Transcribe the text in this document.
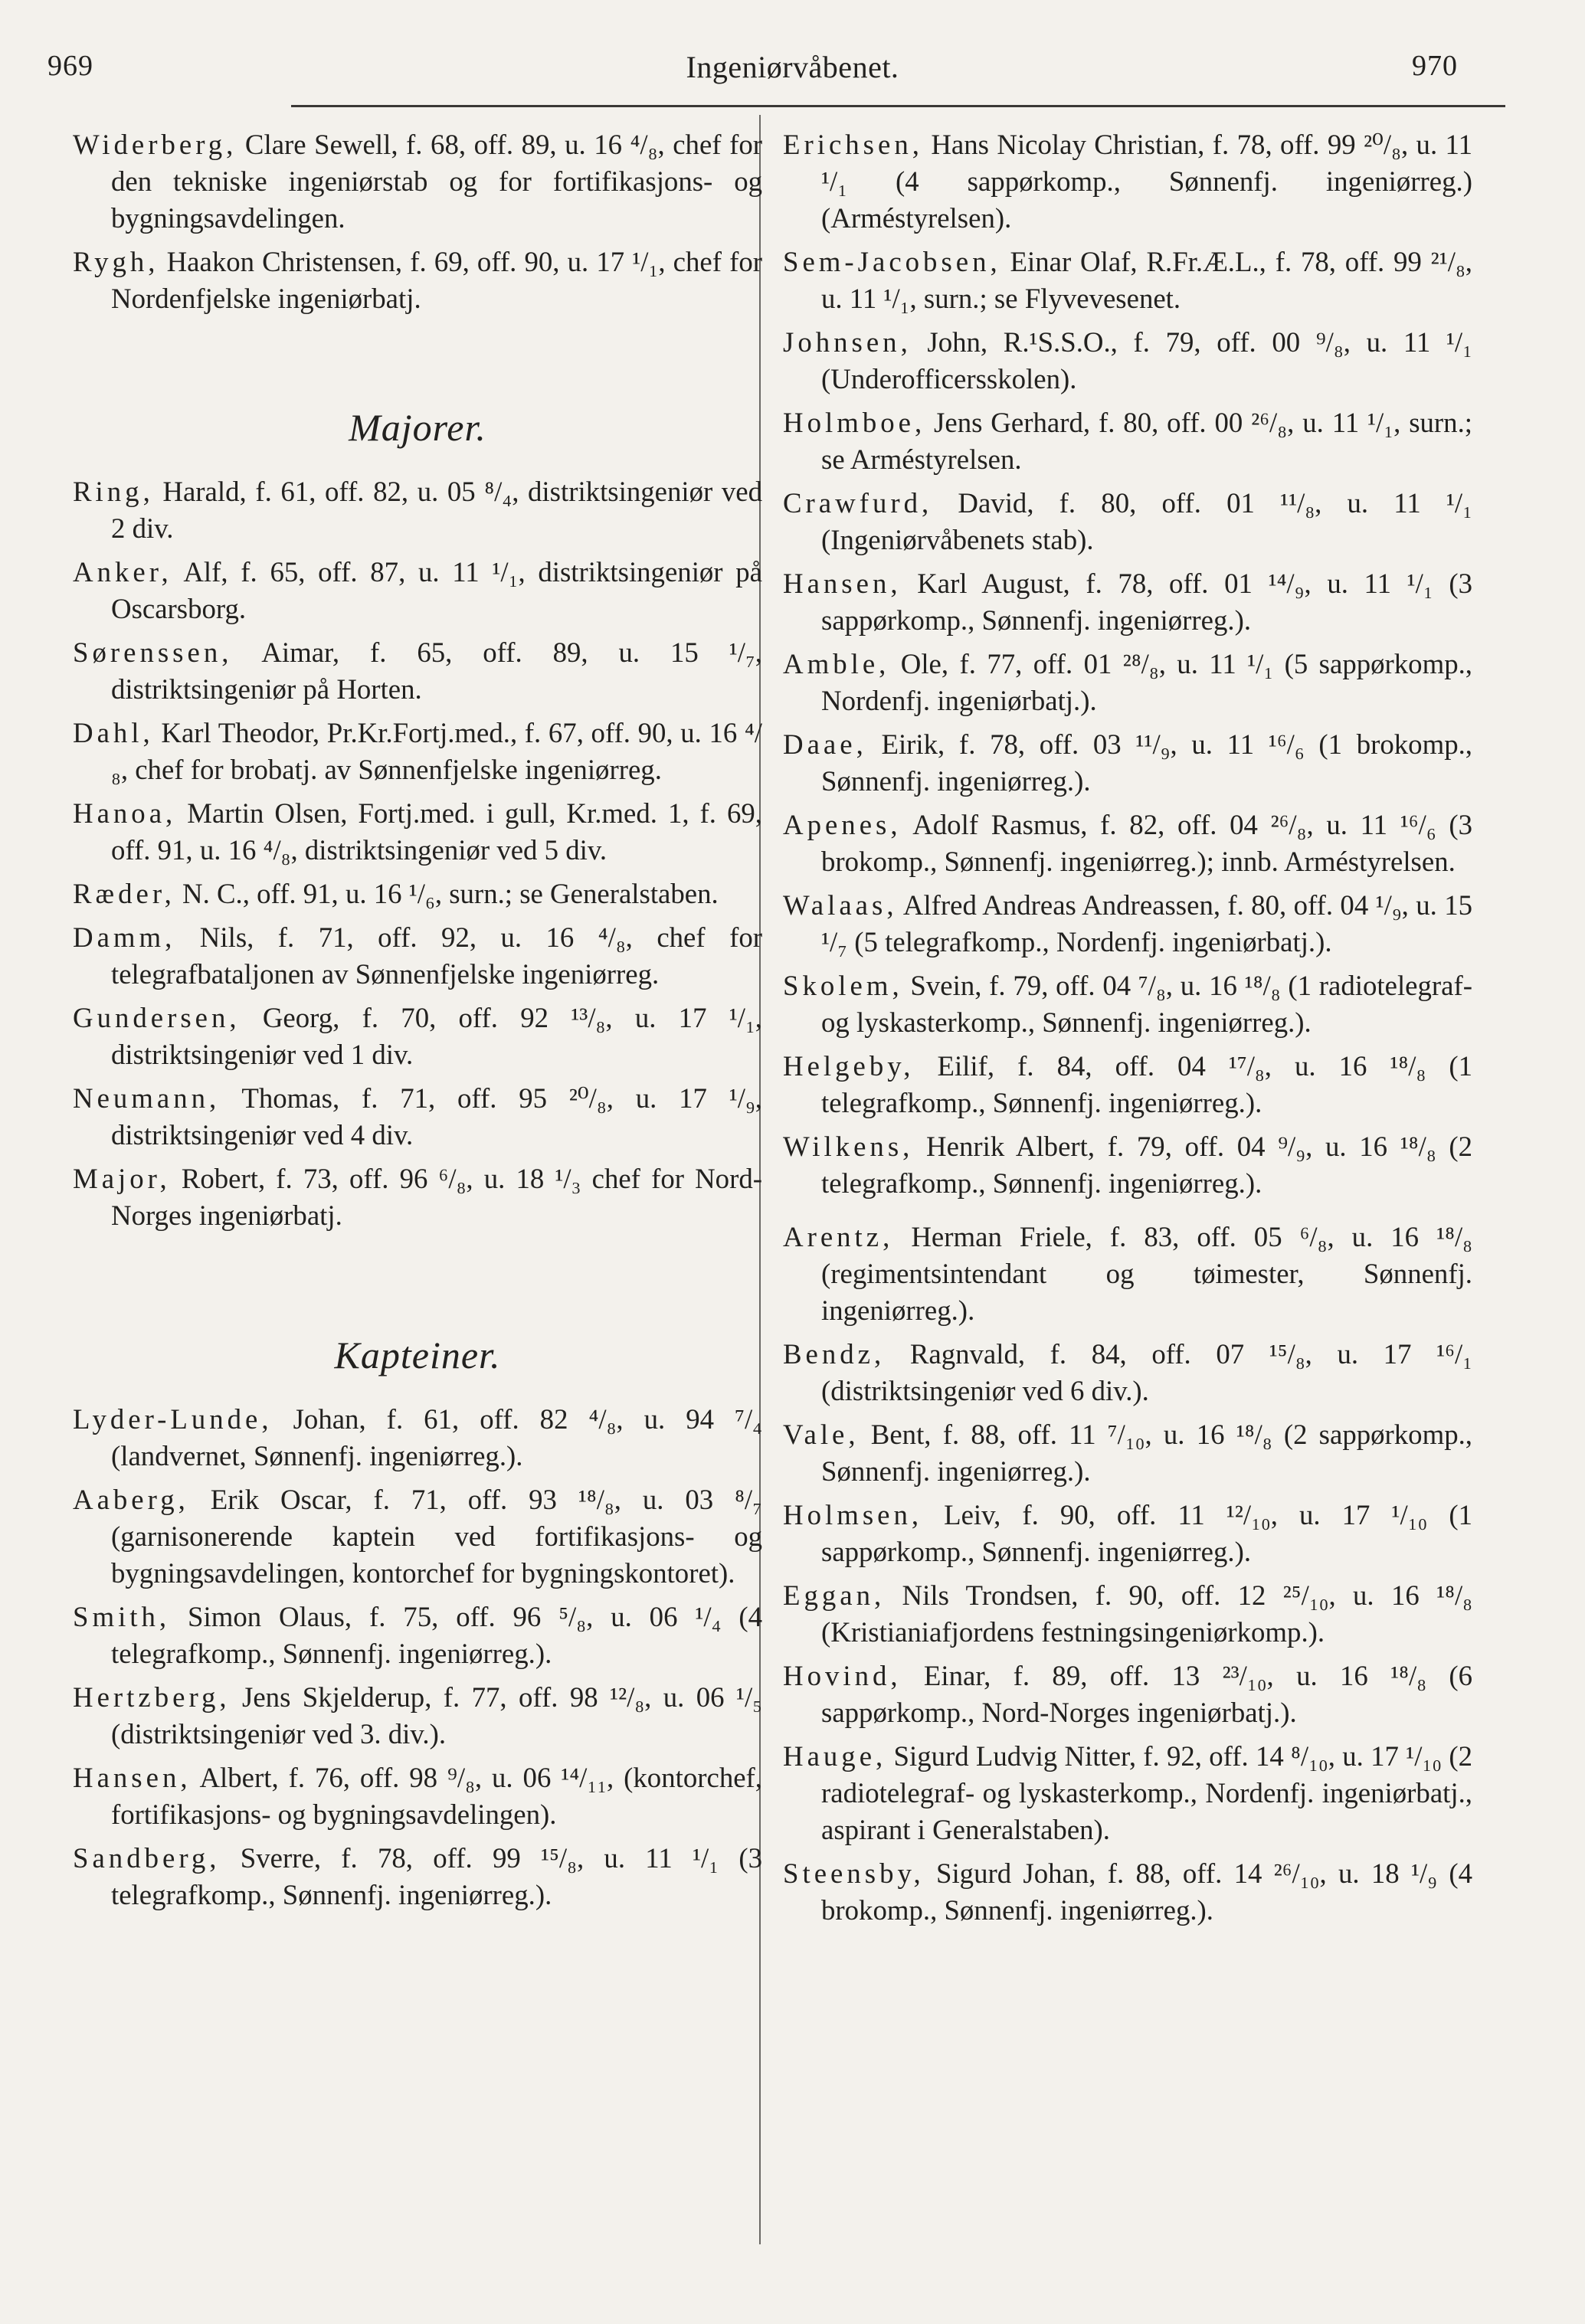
969	Ingeniørvåbenet.	970

Widerberg, Clare Sewell, f. 68, off. 89, u. 16 ⁴/₈, chef for den tekniske ingeniørstab og for fortifikasjons- og bygningsavdelingen.

Rygh, Haakon Christensen, f. 69, off. 90, u. 17 ¹/₁, chef for Nordenfjelske ingeniørbatj.

Majorer.

Ring, Harald, f. 61, off. 82, u. 05 ⁸/₄, distriktsingeniør ved 2 div.

Anker, Alf, f. 65, off. 87, u. 11 ¹/₁, distriktsingeniør på Oscarsborg.

Sørenssen, Aimar, f. 65, off. 89, u. 15 ¹/₇, distriktsingeniør på Horten.

Dahl, Karl Theodor, Pr.Kr.Fortj.med., f. 67, off. 90, u. 16 ⁴/₈, chef for brobatj. av Sønnenfjelske ingeniørreg.

Hanoa, Martin Olsen, Fortj.med. i gull, Kr.med. 1, f. 69, off. 91, u. 16 ⁴/₈, distriktsingeniør ved 5 div.

Ræder, N. C., off. 91, u. 16 ¹/₆, surn.; se Generalstaben.

Damm, Nils, f. 71, off. 92, u. 16 ⁴/₈, chef for telegrafbataljonen av Sønnenfjelske ingeniørreg.

Gundersen, Georg, f. 70, off. 92 ¹³/₈, u. 17 ¹/₁, distriktsingeniør ved 1 div.

Neumann, Thomas, f. 71, off. 95 ²⁰/₈, u. 17 ¹/₉, distriktsingeniør ved 4 div.

Major, Robert, f. 73, off. 96 ⁶/₈, u. 18 ¹/₃ chef for Nord-Norges ingeniørbatj.

Kapteiner.

Lyder-Lunde, Johan, f. 61, off. 82 ⁴/₈, u. 94 ⁷/₄ (landvernet, Sønnenfj. ingeniørreg.).

Aaberg, Erik Oscar, f. 71, off. 93 ¹⁸/₈, u. 03 ⁸/₇ (garnisonerende kaptein ved fortifikasjons- og bygningsavdelingen, kontorchef for bygningskontoret).

Smith, Simon Olaus, f. 75, off. 96 ⁵/₈, u. 06 ¹/₄ (4 telegrafkomp., Sønnenfj. ingeniørreg.).

Hertzberg, Jens Skjelderup, f. 77, off. 98 ¹²/₈, u. 06 ¹/₅ (distriktsingeniør ved 3. div.).

Hansen, Albert, f. 76, off. 98 ⁹/₈, u. 06 ¹⁴/₁₁, (kontorchef, fortifikasjons- og bygningsavdelingen).

Sandberg, Sverre, f. 78, off. 99 ¹⁵/₈, u. 11 ¹/₁ (3 telegrafkomp., Sønnenfj. ingeniørreg.).

Erichsen, Hans Nicolay Christian, f. 78, off. 99 ²⁰/₈, u. 11 ¹/₁ (4 sappørkomp., Sønnenfj. ingeniørreg.) (Arméstyrelsen).

Sem-Jacobsen, Einar Olaf, R.Fr.Æ.L., f. 78, off. 99 ²¹/₈, u. 11 ¹/₁, surn.; se Flyvevesenet.

Johnsen, John, R.¹S.S.O., f. 79, off. 00 ⁹/₈, u. 11 ¹/₁ (Underofficersskolen).

Holmboe, Jens Gerhard, f. 80, off. 00 ²⁶/₈, u. 11 ¹/₁, surn.; se Arméstyrelsen.

Crawfurd, David, f. 80, off. 01 ¹¹/₈, u. 11 ¹/₁ (Ingeniørvåbenets stab).

Hansen, Karl August, f. 78, off. 01 ¹⁴/₉, u. 11 ¹/₁ (3 sappørkomp., Sønnenfj. ingeniørreg.).

Amble, Ole, f. 77, off. 01 ²⁸/₈, u. 11 ¹/₁ (5 sappørkomp., Nordenfj. ingeniørbatj.).

Daae, Eirik, f. 78, off. 03 ¹¹/₉, u. 11 ¹⁶/₆ (1 brokomp., Sønnenfj. ingeniørreg.).

Apenes, Adolf Rasmus, f. 82, off. 04 ²⁶/₈, u. 11 ¹⁶/₆ (3 brokomp., Sønnenfj. ingeniørreg.); innb. Arméstyrelsen.

Walaas, Alfred Andreas Andreassen, f. 80, off. 04 ¹/₉, u. 15 ¹/₇ (5 telegrafkomp., Nordenfj. ingeniørbatj.).

Skolem, Svein, f. 79, off. 04 ⁷/₈, u. 16 ¹⁸/₈ (1 radiotelegraf- og lyskasterkomp., Sønnenfj. ingeniørreg.).

Helgeby, Eilif, f. 84, off. 04 ¹⁷/₈, u. 16 ¹⁸/₈ (1 telegrafkomp., Sønnenfj. ingeniørreg.).

Wilkens, Henrik Albert, f. 79, off. 04 ⁹/₉, u. 16 ¹⁸/₈ (2 telegrafkomp., Sønnenfj. ingeniørreg.).

Arentz, Herman Friele, f. 83, off. 05 ⁶/₈, u. 16 ¹⁸/₈ (regimentsintendant og tøimester, Sønnenfj. ingeniørreg.).

Bendz, Ragnvald, f. 84, off. 07 ¹⁵/₈, u. 17 ¹⁶/₁ (distriktsingeniør ved 6 div.).

Vale, Bent, f. 88, off. 11 ⁷/₁₀, u. 16 ¹⁸/₈ (2 sappørkomp., Sønnenfj. ingeniørreg.).

Holmsen, Leiv, f. 90, off. 11 ¹²/₁₀, u. 17 ¹/₁₀ (1 sappørkomp., Sønnenfj. ingeniørreg.).

Eggan, Nils Trondsen, f. 90, off. 12 ²⁵/₁₀, u. 16 ¹⁸/₈ (Kristianiafjordens festningsingeniørkomp.).

Hovind, Einar, f. 89, off. 13 ²³/₁₀, u. 16 ¹⁸/₈ (6 sappørkomp., Nord-Norges ingeniørbatj.).

Hauge, Sigurd Ludvig Nitter, f. 92, off. 14 ⁸/₁₀, u. 17 ¹/₁₀ (2 radiotelegraf- og lyskasterkomp., Nordenfj. ingeniørbatj., aspirant i Generalstaben).

Steensby, Sigurd Johan, f. 88, off. 14 ²⁶/₁₀, u. 18 ¹/₉ (4 brokomp., Sønnenfj. ingeniørreg.).
